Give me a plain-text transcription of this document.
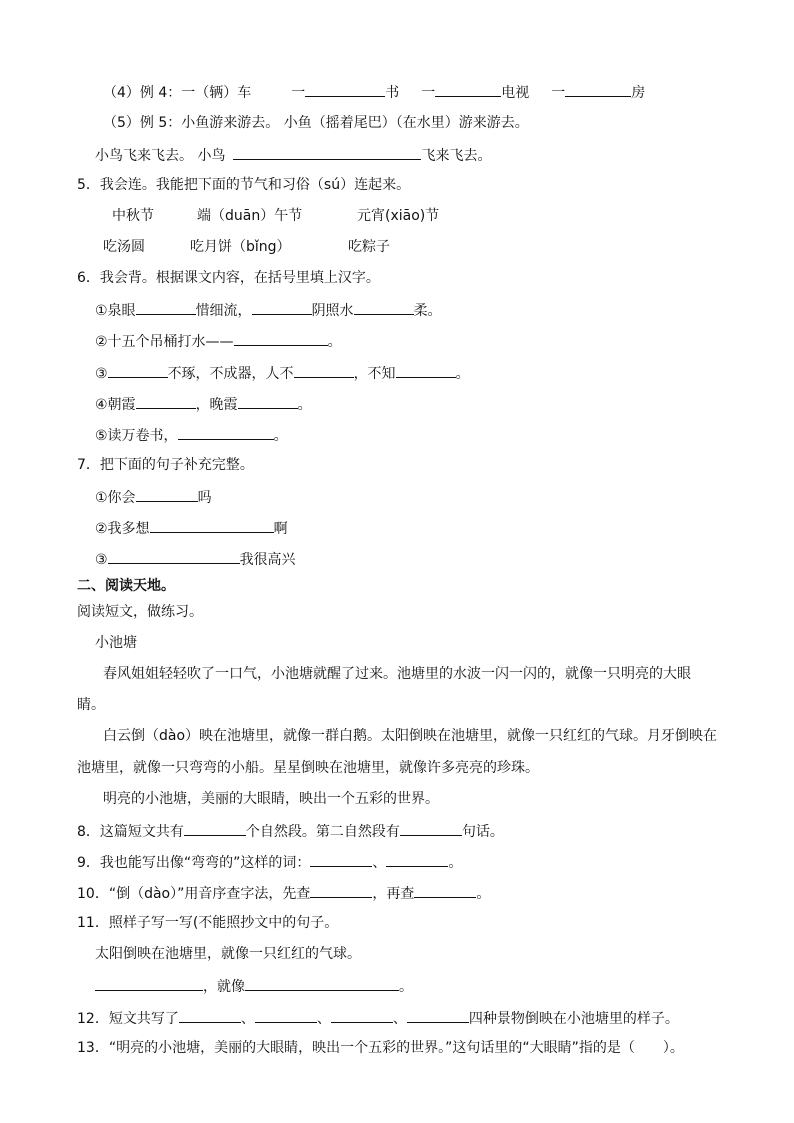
（4）例 4：一（辆）车	一	书 一	电视 一	房
（5）例 5：小鱼游来游去。 小鱼（摇着尾巴）（在水里）游来游去。
小鸟飞来飞去。 小鸟	飞来飞去。
5．我会连。我能把下面的节气和习俗（sú）连起来。
中秋节	端（duān）午节	元宵(xiāo)节
吃汤圆	吃月饼（bǐng）	吃粽子
6．我会背。根据课文内容，在括号里填上汉字。
①泉眼	惜细流，	阴照水	柔。
②十五个吊桶打水——	。
③	不琢，不成器，人不	，不知	。
④朝霞	，晚霞	。
⑤读万卷书，	。
7．把下面的句子补充完整。
①你会	吗
②我多想	啊
③	我很高兴
二、阅读天地。
阅读短文，做练习。
小池塘
春风姐姐轻轻吹了一口气，小池塘就醒了过来。池塘里的水波一闪一闪的，就像一只明亮的大眼
睛。
白云倒（dào）映在池塘里，就像一群白鹅。太阳倒映在池塘里，就像一只红红的气球。月牙倒映在
池塘里，就像一只弯弯的小船。星星倒映在池塘里，就像许多亮亮的珍珠。
明亮的小池塘，美丽的大眼睛，映出一个五彩的世界。
8．这篇短文共有	个自然段。第二自然段有	句话。
9．我也能写出像“弯弯的”这样的词：	、	。
10．“倒（dào）”用音序查字法，先查	，再查	。
11．照样子写一写(不能照抄文中的句子。
太阳倒映在池塘里，就像一只红红的气球。
，就像	。
12．短文共写了	、	、	、	四种景物倒映在小池塘里的样子。
13．“明亮的小池塘，美丽的大眼睛，映出一个五彩的世界。”这句话里的“大眼睛”指的是（　　）。
